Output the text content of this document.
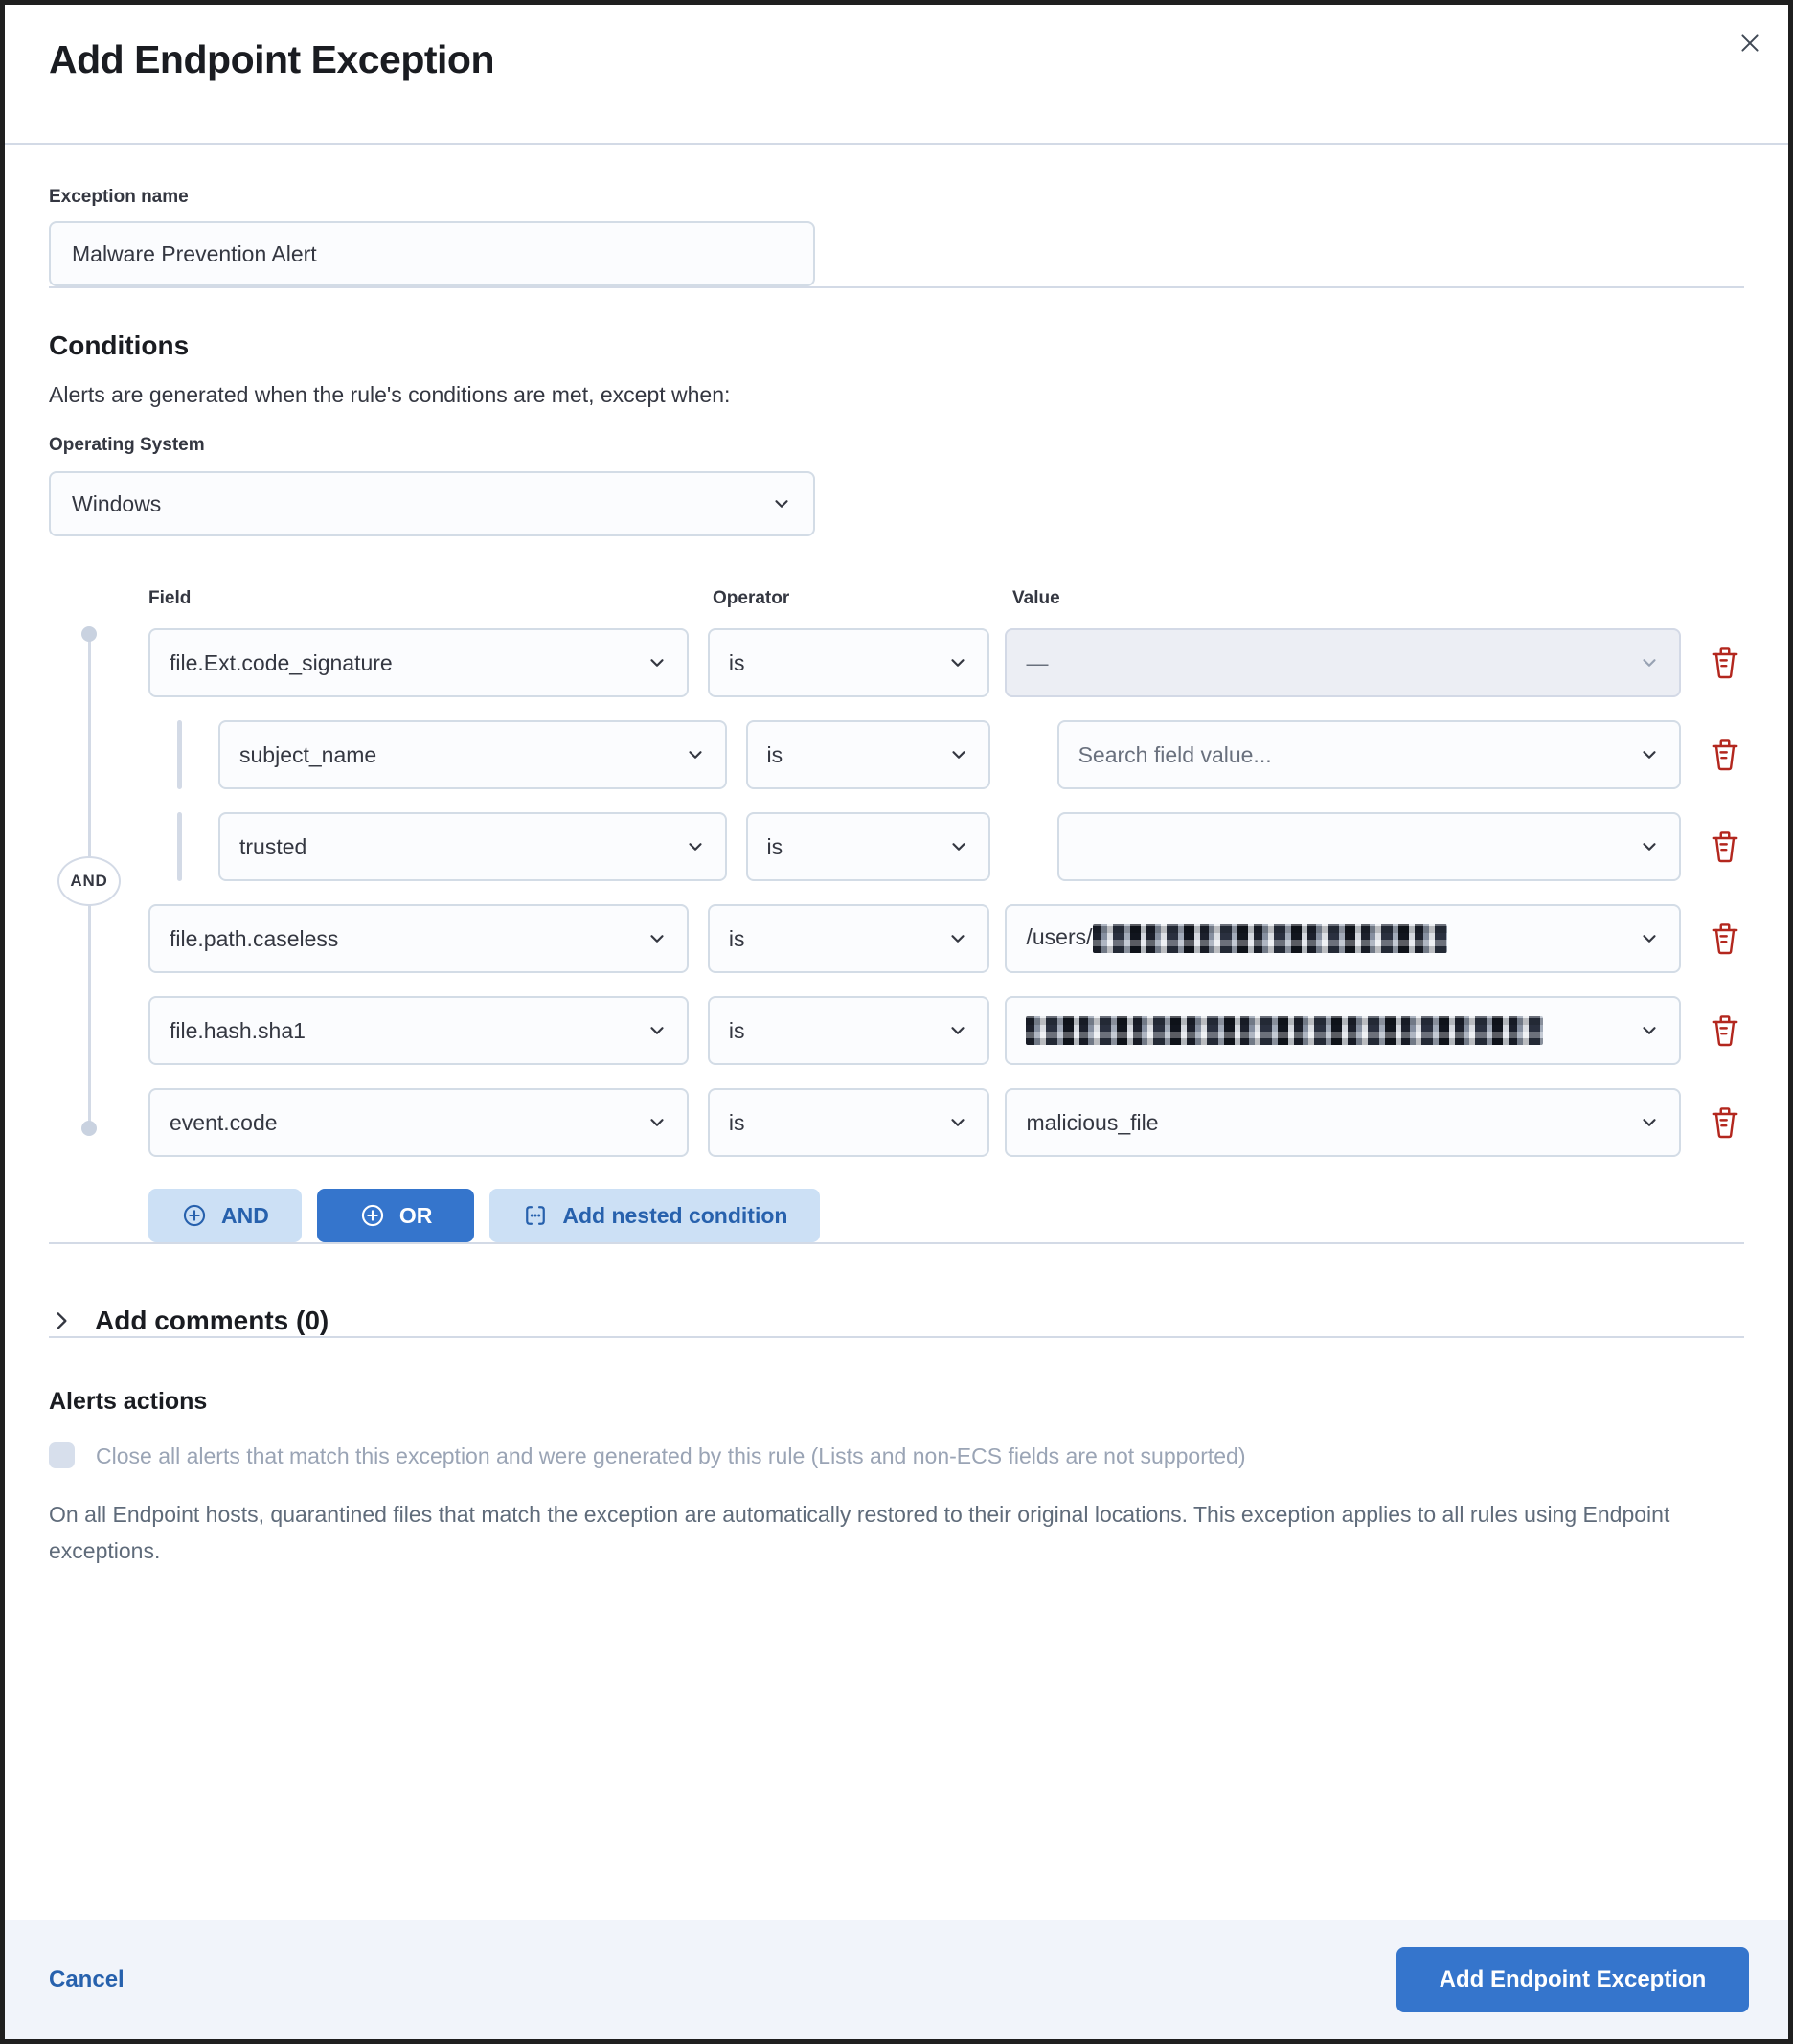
Add Endpoint Exception
Exception name
Malware Prevention Alert
Conditions

Alerts are generated when the rule's conditions are met, except when:

Operating System
Windows
Field	Operator	Value
AND
file.Ext.code_signature	is	—
subject_name	is	Search field value...
trusted	is
file.path.caseless	is	/users/
file.hash.sha1	is
event.code	is	malicious_file
AND	OR	Add nested condition
Add comments (0)
Alerts actions
Close all alerts that match this exception and were generated by this rule (Lists and non-ECS fields are not supported)

On all Endpoint hosts, quarantined files that match the exception are automatically restored to their original locations. This exception applies to all rules using Endpoint exceptions.

Cancel	Add Endpoint Exception
